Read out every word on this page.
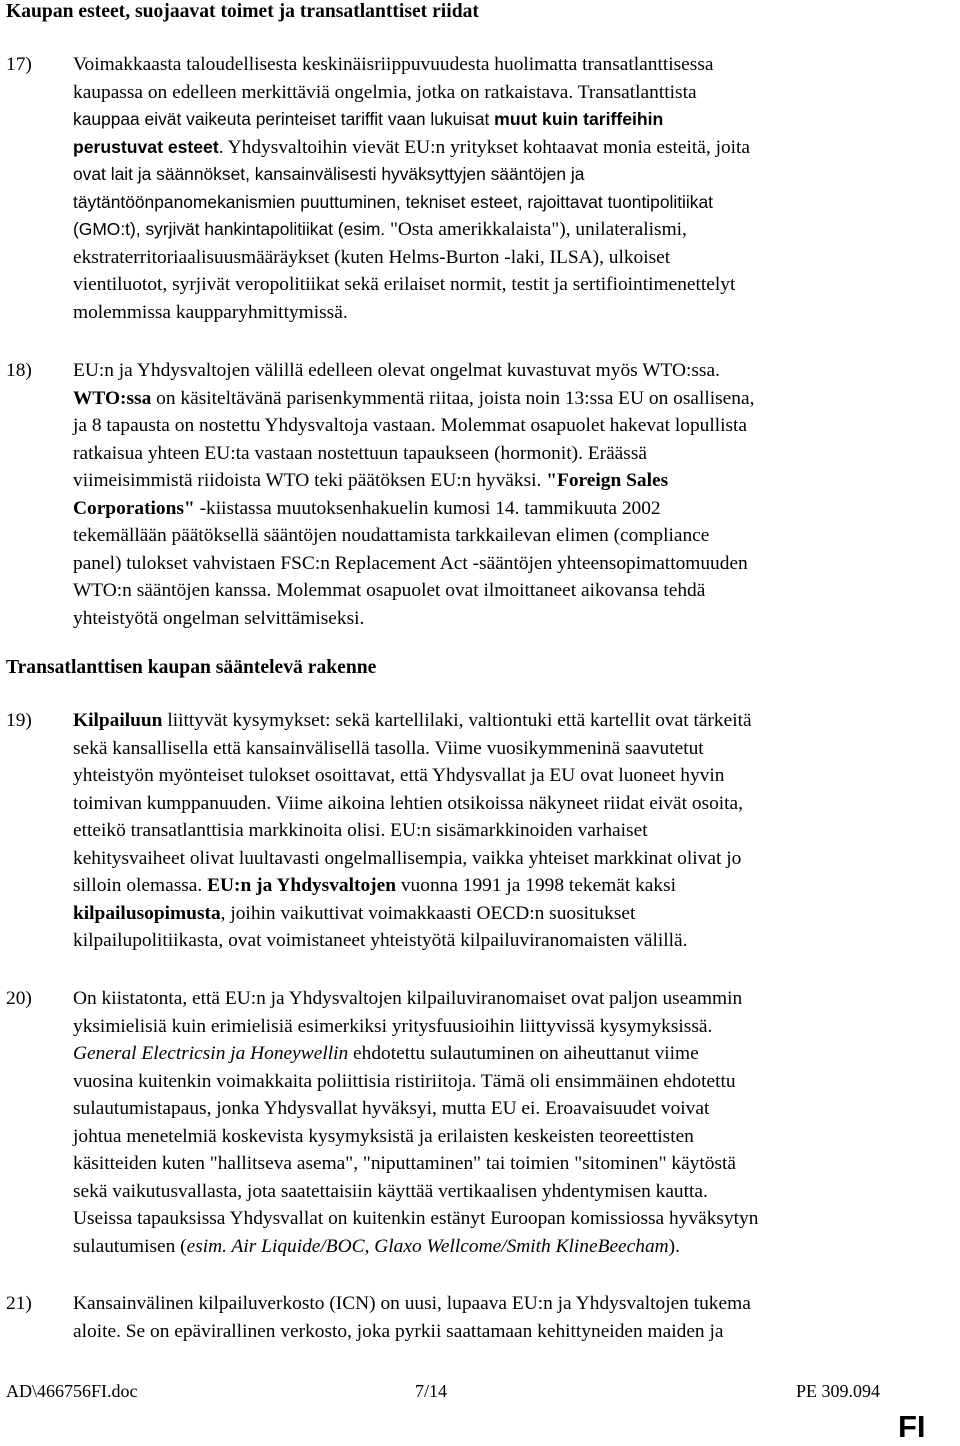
Kaupan esteet, suojaavat toimet ja transatlanttiset riidat
17) Voimakkaasta taloudellisesta keskinäisriippuvuudesta huolimatta transatlanttisessa
kaupassa on edelleen merkittäviä ongelmia, jotka on ratkaistava. Transatlanttista
kauppaa eivät vaikeuta perinteiset tariffit vaan lukuisat muut kuin tariffeihin
perustuvat esteet. Yhdysvaltoihin vievät EU:n yritykset kohtaavat monia esteitä, joita
ovat lait ja säännökset, kansainvälisesti hyväksyttyjen sääntöjen ja
täytäntöönpanomekanismien puuttuminen, tekniset esteet, rajoittavat tuontipolitiikat
(GMO:t), syrjivät hankintapolitiikat (esim. "Osta amerikkalaista"), unilateralismi,
ekstraterritoriaalisuusmääräykset (kuten Helms-Burton -laki, ILSA), ulkoiset
vientiluotot, syrjivät veropolitiikat sekä erilaiset normit, testit ja sertifiointimenettelyt
molemmissa kaupparyhmittymissä.
18) EU:n ja Yhdysvaltojen välillä edelleen olevat ongelmat kuvastuvat myös WTO:ssa.
WTO:ssa on käsiteltävänä parisenkymmentä riitaa, joista noin 13:ssa EU on osallisena,
ja 8 tapausta on nostettu Yhdysvaltoja vastaan. Molemmat osapuolet hakevat lopullista
ratkaisua yhteen EU:ta vastaan nostettuun tapaukseen (hormonit). Eräässä
viimeisimmistä riidoista WTO teki päätöksen EU:n hyväksi. "Foreign Sales
Corporations" -kiistassa muutoksenhakuelin kumosi 14. tammikuuta 2002
tekemällään päätöksellä sääntöjen noudattamista tarkkailevan elimen (compliance
panel) tulokset vahvistaen FSC:n Replacement Act -sääntöjen yhteensopimattomuuden
WTO:n sääntöjen kanssa. Molemmat osapuolet ovat ilmoittaneet aikovansa tehdä
yhteistyötä ongelman selvittämiseksi.
Transatlanttisen kaupan sääntelevä rakenne
19) Kilpailuun liittyvät kysymykset: sekä kartellilaki, valtiontuki että kartellit ovat tärkeitä
sekä kansallisella että kansainvälisellä tasolla. Viime vuosikymmeninä saavutetut
yhteistyön myönteiset tulokset osoittavat, että Yhdysvallat ja EU ovat luoneet hyvin
toimivan kumppanuuden. Viime aikoina lehtien otsikoissa näkyneet riidat eivät osoita,
etteikö transatlanttisia markkinoita olisi. EU:n sisämarkkinoiden varhaiset
kehitysvaiheet olivat luultavasti ongelmallisempia, vaikka yhteiset markkinat olivat jo
silloin olemassa. EU:n ja Yhdysvaltojen vuonna 1991 ja 1998 tekemät kaksi
kilpailusopimusta, joihin vaikuttivat voimakkaasti OECD:n suositukset
kilpailupolitiikasta, ovat voimistaneet yhteistyötä kilpailuviranomaisten välillä.
20) On kiistatonta, että EU:n ja Yhdysvaltojen kilpailuviranomaiset ovat paljon useammin
yksimielisiä kuin erimielisiä esimerkiksi yritysfuusioihin liittyvissä kysymyksissä.
General Electricsin ja Honeywellin ehdotettu sulautuminen on aiheuttanut viime
vuosina kuitenkin voimakkaita poliittisia ristiriitoja. Tämä oli ensimmäinen ehdotettu
sulautumistapaus, jonka Yhdysvallat hyväksyi, mutta EU ei. Eroavaisuudet voivat
johtua menetelmiä koskevista kysymyksistä ja erilaisten keskeisten teoreettisten
käsitteiden kuten "hallitseva asema", "niputtaminen" tai toimien "sitominen" käytöstä
sekä vaikutusvallasta, jota saatettaisiin käyttää vertikaalisen yhdentymisen kautta.
Useissa tapauksissa Yhdysvallat on kuitenkin estänyt Euroopan komissiossa hyväksytyn
sulautumisen (esim. Air Liquide/BOC, Glaxo Wellcome/Smith KlineBeecham).
21) Kansainvälinen kilpailuverkosto (ICN) on uusi, lupaava EU:n ja Yhdysvaltojen tukema
aloite. Se on epävirallinen verkosto, joka pyrkii saattamaan kehittyneiden maiden ja
AD\466756FI.doc	7/14	PE 309.094
FI
